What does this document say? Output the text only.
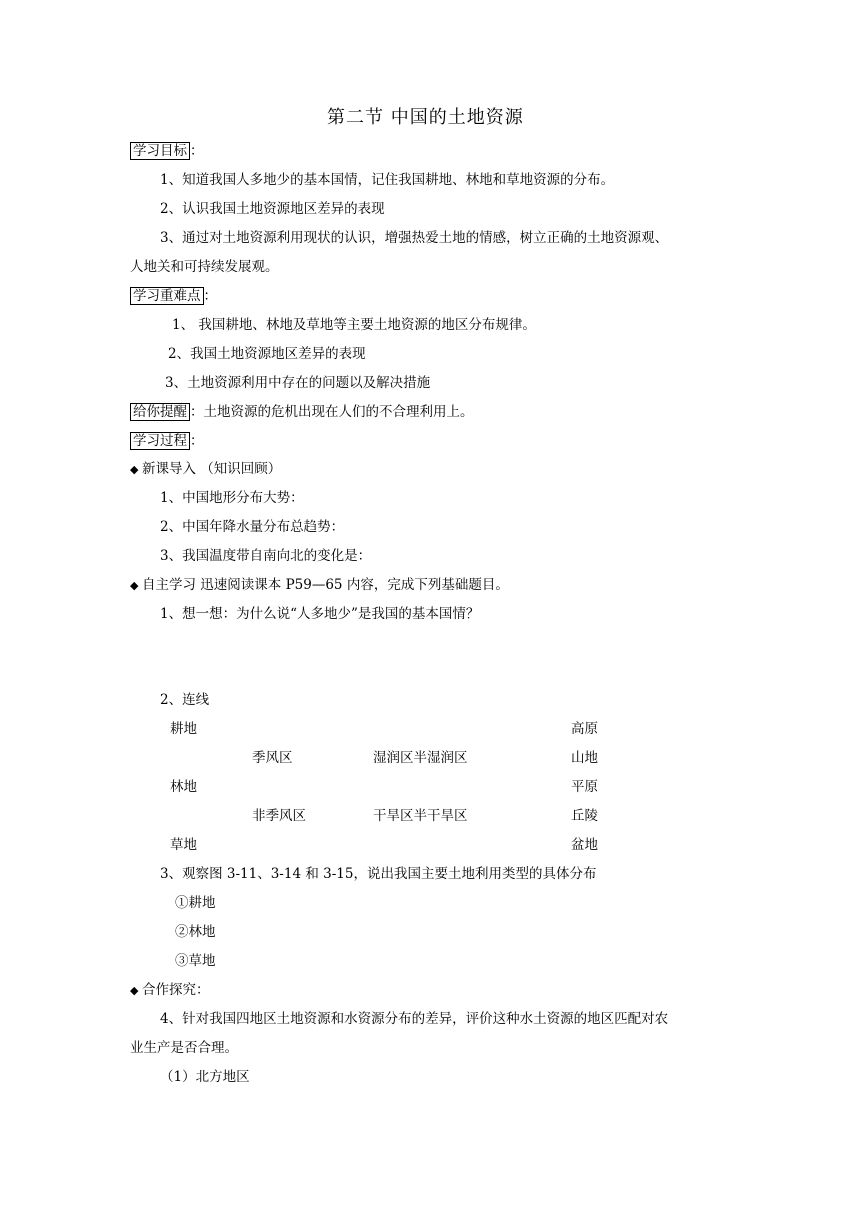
第二节 中国的土地资源
学习目标 ：
1、知道我国人多地少的基本国情，记住我国耕地、林地和草地资源的分布。
2、认识我国土地资源地区差异的表现
3、通过对土地资源利用现状的认识，增强热爱土地的情感，树立正确的土地资源观、
人地关和可持续发展观。
学习重难点 ：
1、 我国耕地、林地及草地等主要土地资源的地区分布规律。
2、我国土地资源地区差异的表现
3、土地资源利用中存在的问题以及解决措施
给你提醒 ：土地资源的危机出现在人们的不合理利用上。
学习过程 ：
◆ 新课导入 （知识回顾）
1、中国地形分布大势：
2、中国年降水量分布总趋势：
3、我国温度带自南向北的变化是：
◆ 自主学习 迅速阅读课本 P59—65 内容，完成下列基础题目。
1、想一想：为什么说“人多地少”是我国的基本国情？
2、连线
耕地
林地
草地
季风区
非季风区
湿润区半湿润区
干旱区半干旱区
高原
山地
平原
丘陵
盆地
3、观察图 3-11、3-14 和 3-15，说出我国主要土地利用类型的具体分布
①耕地
②林地
③草地
◆ 合作探究：
4、针对我国四地区土地资源和水资源分布的差异，评价这种水土资源的地区匹配对农
业生产是否合理。
（1）北方地区
